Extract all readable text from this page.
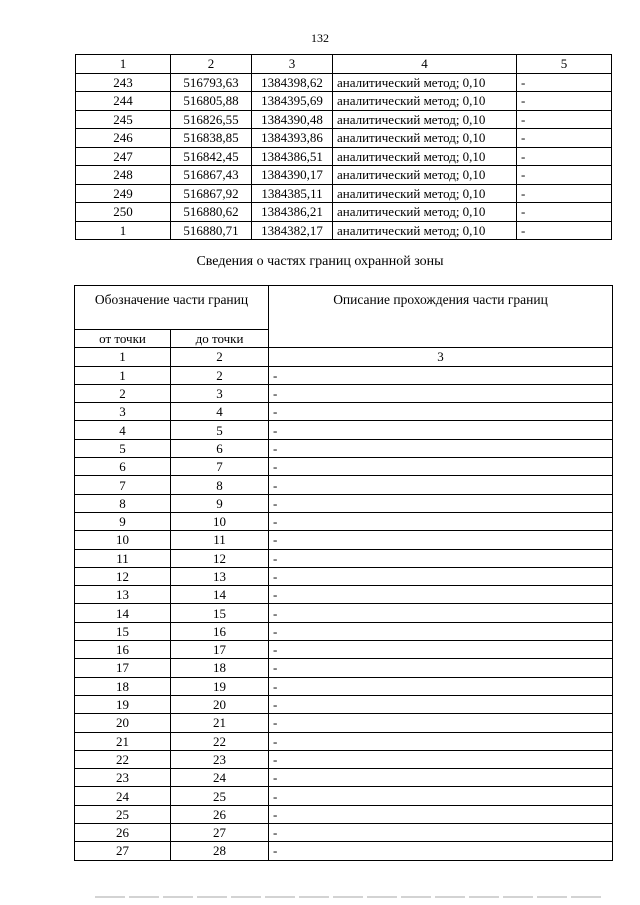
132
1	2	3	4	5
243	516793,63	1384398,62	аналитический метод; 0,10	-
244	516805,88	1384395,69	аналитический метод; 0,10	-
245	516826,55	1384390,48	аналитический метод; 0,10	-
246	516838,85	1384393,86	аналитический метод; 0,10	-
247	516842,45	1384386,51	аналитический метод; 0,10	-
248	516867,43	1384390,17	аналитический метод; 0,10	-
249	516867,92	1384385,11	аналитический метод; 0,10	-
250	516880,62	1384386,21	аналитический метод; 0,10	-
1	516880,71	1384382,17	аналитический метод; 0,10	-
Сведения о частях границ охранной зоны
Обозначение части границ		Описание прохождения части границ
от точки	до точки	
1	2	3
1	2	-
2	3	-
3	4	-
4	5	-
5	6	-
6	7	-
7	8	-
8	9	-
9	10	-
10	11	-
11	12	-
12	13	-
13	14	-
14	15	-
15	16	-
16	17	-
17	18	-
18	19	-
19	20	-
20	21	-
21	22	-
22	23	-
23	24	-
24	25	-
25	26	-
26	27	-
27	28	-
